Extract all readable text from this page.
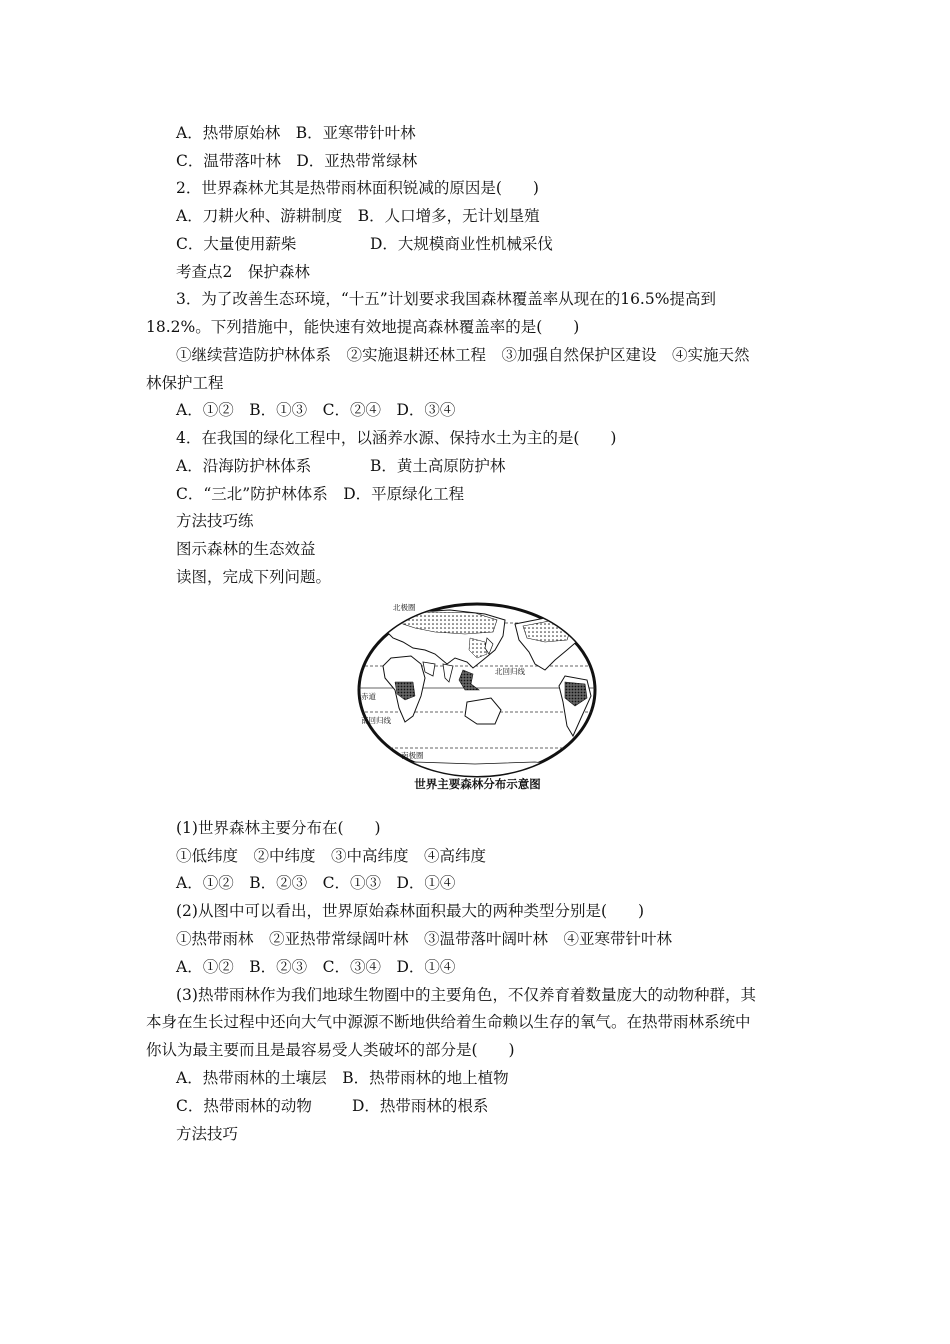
A．热带原始林　B．亚寒带针叶林
C．温带落叶林　D．亚热带常绿林
2．世界森林尤其是热带雨林面积锐减的原因是(　　)
A．刀耕火种、游耕制度　B．人口增多，无计划垦殖
C．大量使用薪柴	D．大规模商业性机械采伐
考查点2　保护森林
3．为了改善生态环境，“十五”计划要求我国森林覆盖率从现在的16.5%提高到
18.2%。下列措施中，能快速有效地提高森林覆盖率的是(　　)
①继续营造防护林体系　②实施退耕还林工程　③加强自然保护区建设　④实施天然
林保护工程
A．①②　B．①③　C．②④　D．③④
4．在我国的绿化工程中，以涵养水源、保持水土为主的是(　　)
A．沿海防护林体系	B．黄土高原防护林
C．“三北”防护林体系　D．平原绿化工程
方法技巧练
图示森林的生态效益
读图，完成下列问题。
北极圈
北回归线
赤道
南回归线
南极圈
世界主要森林分布示意图
(1)世界森林主要分布在(　　)
①低纬度　②中纬度　③中高纬度　④高纬度
A．①②　B．②③　C．①③　D．①④
(2)从图中可以看出，世界原始森林面积最大的两种类型分别是(　　)
①热带雨林　②亚热带常绿阔叶林　③温带落叶阔叶林　④亚寒带针叶林
A．①②　B．②③　C．③④　D．①④
(3)热带雨林作为我们地球生物圈中的主要角色，不仅养育着数量庞大的动物种群，其
本身在生长过程中还向大气中源源不断地供给着生命赖以生存的氧气。在热带雨林系统中
你认为最主要而且是最容易受人类破坏的部分是(　　)
A．热带雨林的土壤层　B．热带雨林的地上植物
C．热带雨林的动物	D．热带雨林的根系
方法技巧
